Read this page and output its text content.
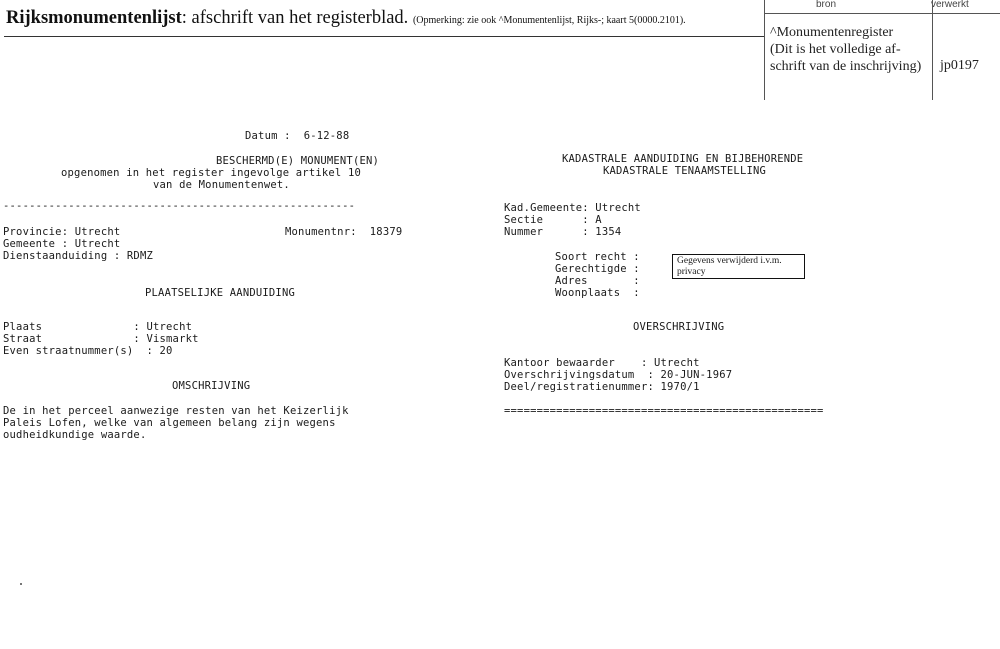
Rijksmonumentenlijst: afschrift van het registerblad. (Opmerking: zie ook ^Monumentenlijst, Rijks-; kaart 5(0000.2101).
bron	verwerkt
^Monumentenregister
(Dit is het volledige af-
schrift van de inschrijving)	jp0197
Datum :  6-12-88
BESCHERMD(E) MONUMENT(EN)
opgenomen in het register ingevolge artikel 10
van de Monumentenwet.
------------------------------------------------------
Provincie: Utrecht	Monumentnr:  18379
Gemeente : Utrecht
Dienstaanduiding : RDMZ
PLAATSELIJKE AANDUIDING
Plaats              : Utrecht
Straat              : Vismarkt
Even straatnummer(s)  : 20
OMSCHRIJVING
De in het perceel aanwezige resten van het Keizerlijk
Paleis Lofen, welke van algemeen belang zijn wegens
oudheidkundige waarde.
KADASTRALE AANDUIDING EN BIJBEHORENDE
KADASTRALE TENAAMSTELLING
Kad.Gemeente: Utrecht
Sectie      : A
Nummer      : 1354
Soort recht :
Gerechtigde :
Adres       :
Woonplaats  :
Gegevens verwijderd i.v.m. privacy
OVERSCHRIJVING
Kantoor bewaarder    : Utrecht
Overschrijvingsdatum  : 20-JUN-1967
Deel/registratienummer: 1970/1
=================================================
